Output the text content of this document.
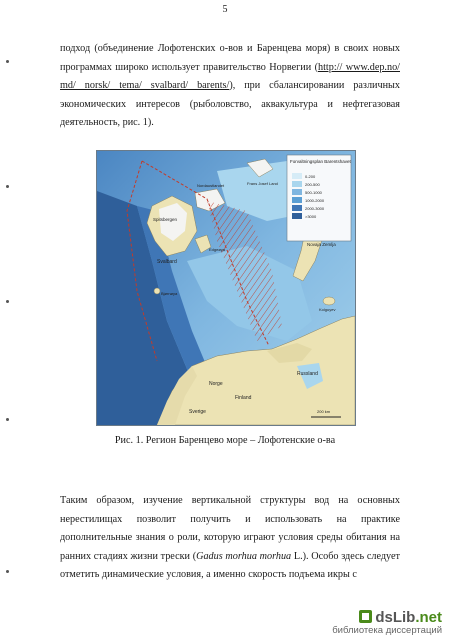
5

подход (объединение Лофотенских о-вов и Баренцева моря) в своих новых программах широко использует правительство Норвегии (http:// www.dep.no/ md/ norsk/ tema/ svalbard/ barents/), при сбалансировании различных экономических интересов (рыболовство, аквакультура и нефтегазовая деятельность, рис. 1).

Forvaltningsplan Barentshavet
0-200
200-500
500-1000
1000-2000
2000-3000
>3000
Svalbard
Spitsbergen
Nordaustlandet
Edgeøya
Bjørnøya
Frans Josef Land
Novaja Zemlja
Kolguyev
Norge
Russland
Finland
Sverige	200 km
Рис. 1. Регион Баренцево море – Лофотенские о-ва

Таким образом, изучение вертикальной структуры вод на основных нерестилищах позволит получить и использовать на практике дополнительные знания о роли, которую играют условия среды обитания на ранних стадиях жизни трески (Gadus morhua morhua L.). Особо здесь следует отметить динамические условия, а именно скорость подъема икры с

dsLib.net
библиотека диссертаций
